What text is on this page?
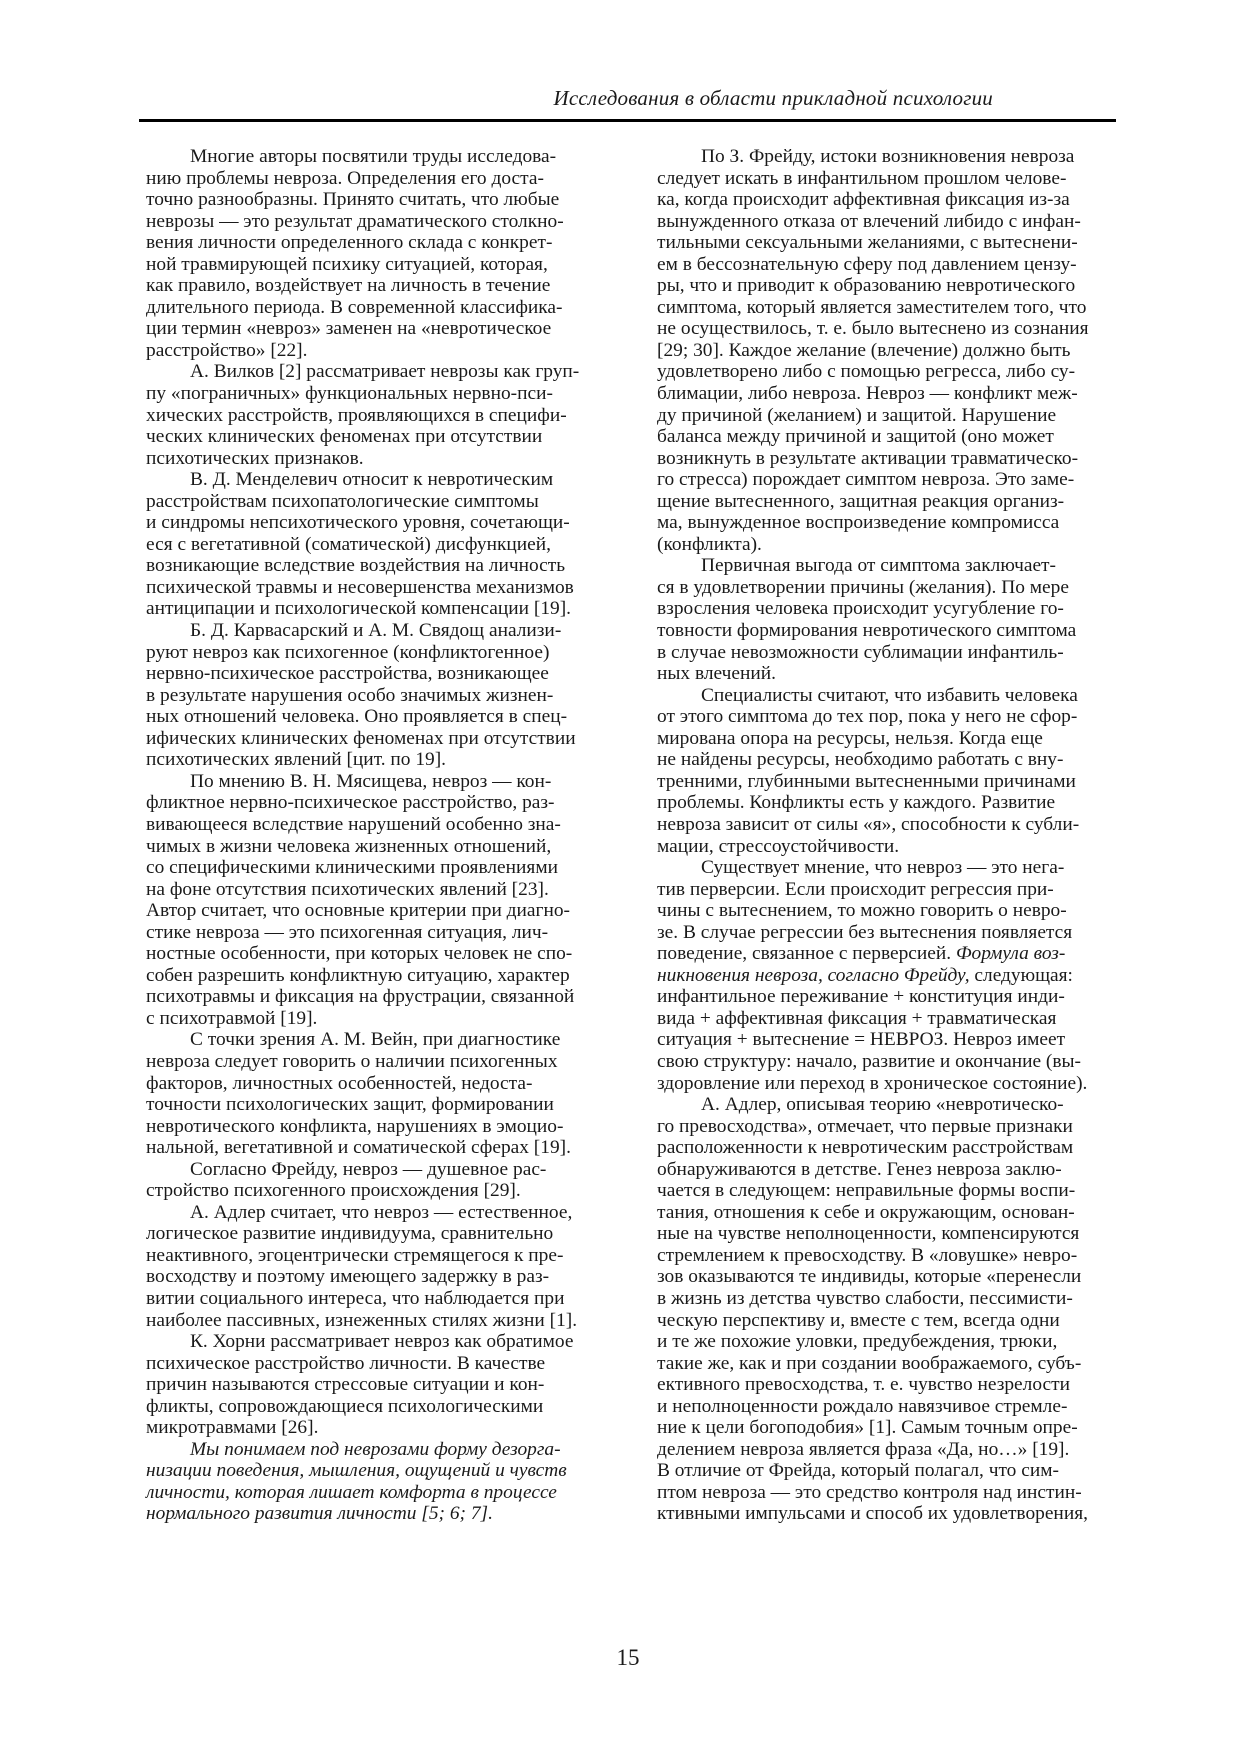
Исследования в области прикладной психологии
Многие авторы посвятили труды исследова-
нию проблемы невроза. Определения его доста-
точно разнообразны. Принято считать, что любые
неврозы — это результат драматического столкно-
вения личности определенного склада с конкрет-
ной травмирующей психику ситуацией, которая,
как правило, воздействует на личность в течение
длительного периода. В современной классифика-
ции термин «невроз» заменен на «невротическое
расстройство» [22].
А. Вилков [2] рассматривает неврозы как груп-
пу «пограничных» функциональных нервно-пси-
хических расстройств, проявляющихся в специфи-
ческих клинических феноменах при отсутствии
психотических признаков.
В. Д. Менделевич относит к невротическим
расстройствам психопатологические симптомы
и синдромы непсихотического уровня, сочетающи-
еся с вегетативной (соматической) дисфункцией,
возникающие вследствие воздействия на личность
психической травмы и несовершенства механизмов
антиципации и психологической компенсации [19].
Б. Д. Карвасарский и А. М. Свядощ анализи-
руют невроз как психогенное (конфликтогенное)
нервно-психическое расстройства, возникающее
в результате нарушения особо значимых жизнен-
ных отношений человека. Оно проявляется в спец-
ифических клинических феноменах при отсутствии
психотических явлений [цит. по 19].
По мнению В. Н. Мясищева, невроз — кон-
фликтное нервно-психическое расстройство, раз-
вивающееся вследствие нарушений особенно зна-
чимых в жизни человека жизненных отношений,
со специфическими клиническими проявлениями
на фоне отсутствия психотических явлений [23].
Автор считает, что основные критерии при диагно-
стике невроза — это психогенная ситуация, лич-
ностные особенности, при которых человек не спо-
собен разрешить конфликтную ситуацию, характер
психотравмы и фиксация на фрустрации, связанной
с психотравмой [19].
С точки зрения А. М. Вейн, при диагностике
невроза следует говорить о наличии психогенных
факторов, личностных особенностей, недоста-
точности психологических защит, формировании
невротического конфликта, нарушениях в эмоцио-
нальной, вегетативной и соматической сферах [19].
Согласно Фрейду, невроз — душевное рас-
стройство психогенного происхождения [29].
А. Адлер считает, что невроз — естественное,
логическое развитие индивидуума, сравнительно
неактивного, эгоцентрически стремящегося к пре-
восходству и поэтому имеющего задержку в раз-
витии социального интереса, что наблюдается при
наиболее пассивных, изнеженных стилях жизни [1].
К. Хорни рассматривает невроз как обратимое
психическое расстройство личности. В качестве
причин называются стрессовые ситуации и кон-
фликты, сопровождающиеся психологическими
микротравмами [26].
Мы понимаем под неврозами форму дезорга-
низации поведения, мышления, ощущений и чувств
личности, которая лишает комфорта в процессе
нормального развития личности [5; 6; 7].
По З. Фрейду, истоки возникновения невроза
следует искать в инфантильном прошлом челове-
ка, когда происходит аффективная фиксация из-за
вынужденного отказа от влечений либидо с инфан-
тильными сексуальными желаниями, с вытеснени-
ем в бессознательную сферу под давлением цензу-
ры, что и приводит к образованию невротического
симптома, который является заместителем того, что
не осуществилось, т. е. было вытеснено из сознания
[29; 30]. Каждое желание (влечение) должно быть
удовлетворено либо с помощью регресса, либо су-
блимации, либо невроза. Невроз — конфликт меж-
ду причиной (желанием) и защитой. Нарушение
баланса между причиной и защитой (оно может
возникнуть в результате активации травматическо-
го стресса) порождает симптом невроза. Это заме-
щение вытесненного, защитная реакция организ-
ма, вынужденное воспроизведение компромисса
(конфликта).
Первичная выгода от симптома заключает-
ся в удовлетворении причины (желания). По мере
взросления человека происходит усугубление го-
товности формирования невротического симптома
в случае невозможности сублимации инфантиль-
ных влечений.
Специалисты считают, что избавить человека
от этого симптома до тех пор, пока у него не сфор-
мирована опора на ресурсы, нельзя. Когда еще
не найдены ресурсы, необходимо работать с вну-
тренними, глубинными вытесненными причинами
проблемы. Конфликты есть у каждого. Развитие
невроза зависит от силы «я», способности к субли-
мации, стрессоустойчивости.
Существует мнение, что невроз — это нега-
тив перверсии. Если происходит регрессия при-
чины с вытеснением, то можно говорить о невро-
зе. В случае регрессии без вытеснения появляется
поведение, связанное с перверсией. Формула воз-
никновения невроза, согласно Фрейду, следующая:
инфантильное переживание + конституция инди-
вида + аффективная фиксация + травматическая
ситуация + вытеснение = НЕВРОЗ. Невроз имеет
свою структуру: начало, развитие и окончание (вы-
здоровление или переход в хроническое состояние).
А. Адлер, описывая теорию «невротическо-
го превосходства», отмечает, что первые признаки
расположенности к невротическим расстройствам
обнаруживаются в детстве. Генез невроза заклю-
чается в следующем: неправильные формы воспи-
тания, отношения к себе и окружающим, основан-
ные на чувстве неполноценности, компенсируются
стремлением к превосходству. В «ловушке» невро-
зов оказываются те индивиды, которые «перенесли
в жизнь из детства чувство слабости, пессимисти-
ческую перспективу и, вместе с тем, всегда одни
и те же похожие уловки, предубеждения, трюки,
такие же, как и при создании воображаемого, субъ-
ективного превосходства, т. е. чувство незрелости
и неполноценности рождало навязчивое стремле-
ние к цели богоподобия» [1]. Самым точным опре-
делением невроза является фраза «Да, но…» [19].
В отличие от Фрейда, который полагал, что сим-
птом невроза — это средство контроля над инстин-
ктивными импульсами и способ их удовлетворения,
15
